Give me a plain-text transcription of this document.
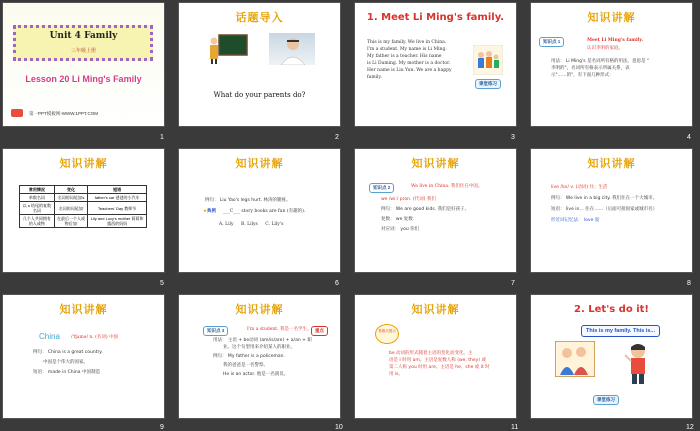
Unit 4 Family
三年级上册
Lesson 20 Li Ming's Family
第一PPT模板网-WWW.1PPT.COM
1
话题导入
What do your parents do?
2
1. Meet Li Ming's family.
This is my family. We live in China.
I'm a student. My name is Li Ming.
My father is a teacher. His name
is Li Daming. My mother is a doctor.
Her name is Liu Yun. We are a happy
family.
课堂练习
3
知识讲解
知识点 1	Meet Li Ming's family.
认识李明的家庭。
用法： Li Ming's 是名词所有格的用法，意思是 "
李明的"。名词所有格表示所属关系，表
示"……的"，有下面几种形式：
4
知识讲解
常用情况	变化	短语
单数名词	名词的词尾加's	father's car 爸爸的小汽车
以 s 结尾的复数名词	名词的词尾加'	Teachers' Day 教师节
几个人共同拥有的人或物	在最后一个人或物后加'	Lily and Lucy's mother 莉莉和露西的妈妈
5
知识讲解
例句： Liu Yao's legs hurt. 林涛的腿疼。
★典例 ___C___ story books are fun (有趣的).
A. Lily B. Lilys C. Lily's
6
知识讲解
知识点 2	We live in China. 我们住在中国。
we /wi:/ pron. (代词) 我们
例句： We are good kids. 我们是好孩子。
复数： we 复数：
对应词： you 你们
7
知识讲解
live /lɪv/ v. (动词) 住；生活
例句： We live in a big city. 我们住在一个大城市。
短语： live in... 住在……（后面可接国家或城市名）
形近词记忆法： love 爱
8
知识讲解
China /'tʃaɪnə/ n. (名词) 中国
例句： China is a great country.
中国是个伟大的国家。
短语： made in China 中国制造
9
知识讲解
知识点 3	I'm a student. 我是一名学生。 重点
用法： 主语 + be动词 (am/is/are) + a/an + 职
业。这个句型用来介绍某人的职业。
例句： My father is a policeman.
我的爸爸是一名警察。
He is an actor. 他是一名演员。
10
知识讲解
易错点提示
be 动词的形式随着主语的变化而变化。主
语是 I 时用 am。主语是复数人称 (we, they) 或
第二人称 you 时用 are。主语是 he、she 或 it 时
用 is。
11
2. Let's do it!
This is my family. This is...
课堂练习
12
